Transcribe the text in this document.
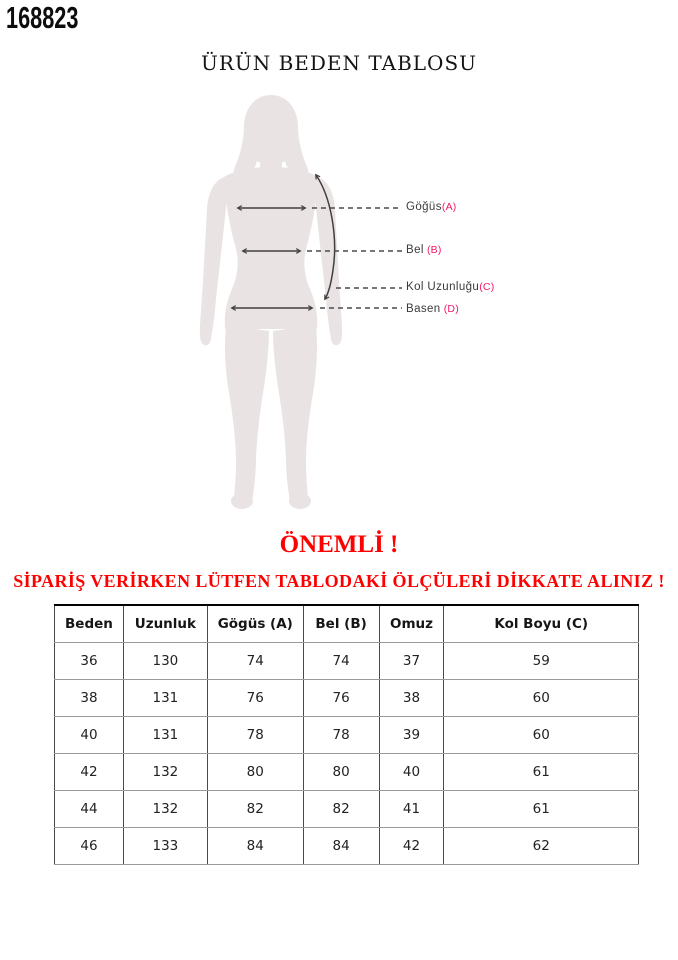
168823
ÜRÜN BEDEN TABLOSU
Göğüs(A)
Bel (B)
Kol Uzunluğu(C)
Basen (D)
ÖNEMLİ !
SİPARİŞ VERİRKEN LÜTFEN TABLODAKİ ÖLÇÜLERİ DİKKATE ALINIZ !
Beden	Uzunluk	Gögüs (A)	Bel (B)	Omuz	Kol Boyu (C)
36	130	74	74	37	59
38	131	76	76	38	60
40	131	78	78	39	60
42	132	80	80	40	61
44	132	82	82	41	61
46	133	84	84	42	62
